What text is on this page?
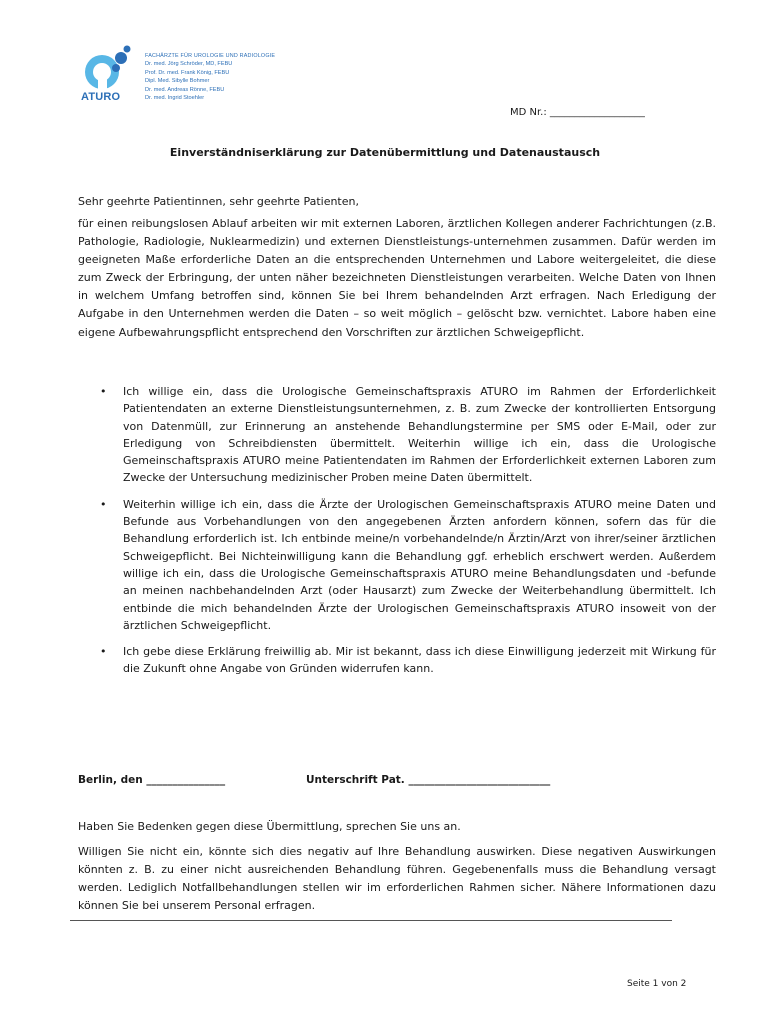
ATURO
FACHÄRZTE FÜR UROLOGIE UND RADIOLOGIE
Dr. med. Jörg Schröder, MD, FEBU
Prof. Dr. med. Frank König, FEBU
Dipl. Med. Sibylle Bohmer
Dr. med. Andreas Rönne, FEBU
Dr. med. Ingrid Stoehler
MD Nr.: ___________________
Einverständniserklärung zur Datenübermittlung und Datenaustausch
Sehr geehrte Patientinnen, sehr geehrte Patienten,
für einen reibungslosen Ablauf arbeiten wir mit externen Laboren, ärztlichen Kollegen anderer Fachrichtungen (z.B. Pathologie, Radiologie, Nuklearmedizin) und externen Dienstleistungs-unternehmen zusammen. Dafür werden im geeigneten Maße erforderliche Daten an die entsprechenden Unternehmen und Labore weitergeleitet, die diese zum Zweck der Erbringung, der unten näher bezeichneten Dienstleistungen verarbeiten. Welche Daten von Ihnen in welchem Umfang betroffen sind, können Sie bei Ihrem behandelnden Arzt erfragen. Nach Erledigung der Aufgabe in den Unternehmen werden die Daten – so weit möglich – gelöscht bzw. vernichtet. Labore haben eine eigene Aufbewahrungspflicht entsprechend den Vorschriften zur ärztlichen Schweigepflicht.
• Ich willige ein, dass die Urologische Gemeinschaftspraxis ATURO im Rahmen der Erforderlichkeit Patientendaten an externe Dienstleistungsunternehmen, z. B. zum Zwecke der kontrollierten Entsorgung von Datenmüll, zur Erinnerung an anstehende Behandlungstermine per SMS oder E-Mail, oder zur Erledigung von Schreibdiensten übermittelt. Weiterhin willige ich ein, dass die Urologische Gemeinschaftspraxis ATURO meine Patientendaten im Rahmen der Erforderlichkeit externen Laboren zum Zwecke der Untersuchung medizinischer Proben meine Daten übermittelt.
• Weiterhin willige ich ein, dass die Ärzte der Urologischen Gemeinschaftspraxis ATURO meine Daten und Befunde aus Vorbehandlungen von den angegebenen Ärzten anfordern können, sofern das für die Behandlung erforderlich ist. Ich entbinde meine/n vorbehandelnde/n Ärztin/Arzt von ihrer/seiner ärztlichen Schweigepflicht. Bei Nichteinwilligung kann die Behandlung ggf. erheblich erschwert werden. Außerdem willige ich ein, dass die Urologische Gemeinschaftspraxis ATURO meine Behandlungsdaten und -befunde an meinen nachbehandelnden Arzt (oder Hausarzt) zum Zwecke der Weiterbehandlung übermittelt. Ich entbinde die mich behandelnden Ärzte der Urologischen Gemeinschaftspraxis ATURO insoweit von der ärztlichen Schweigepflicht.
• Ich gebe diese Erklärung freiwillig ab. Mir ist bekannt, dass ich diese Einwilligung jederzeit mit Wirkung für die Zukunft ohne Angabe von Gründen widerrufen kann.
Berlin, den _______________	Unterschrift Pat. ___________________________
Haben Sie Bedenken gegen diese Übermittlung, sprechen Sie uns an.
Willigen Sie nicht ein, könnte sich dies negativ auf Ihre Behandlung auswirken. Diese negativen Auswirkungen könnten z. B. zu einer nicht ausreichenden Behandlung führen. Gegebenenfalls muss die Behandlung versagt werden. Lediglich Notfallbehandlungen stellen wir im erforderlichen Rahmen sicher. Nähere Informationen dazu können Sie bei unserem Personal erfragen.
Seite 1 von 2
